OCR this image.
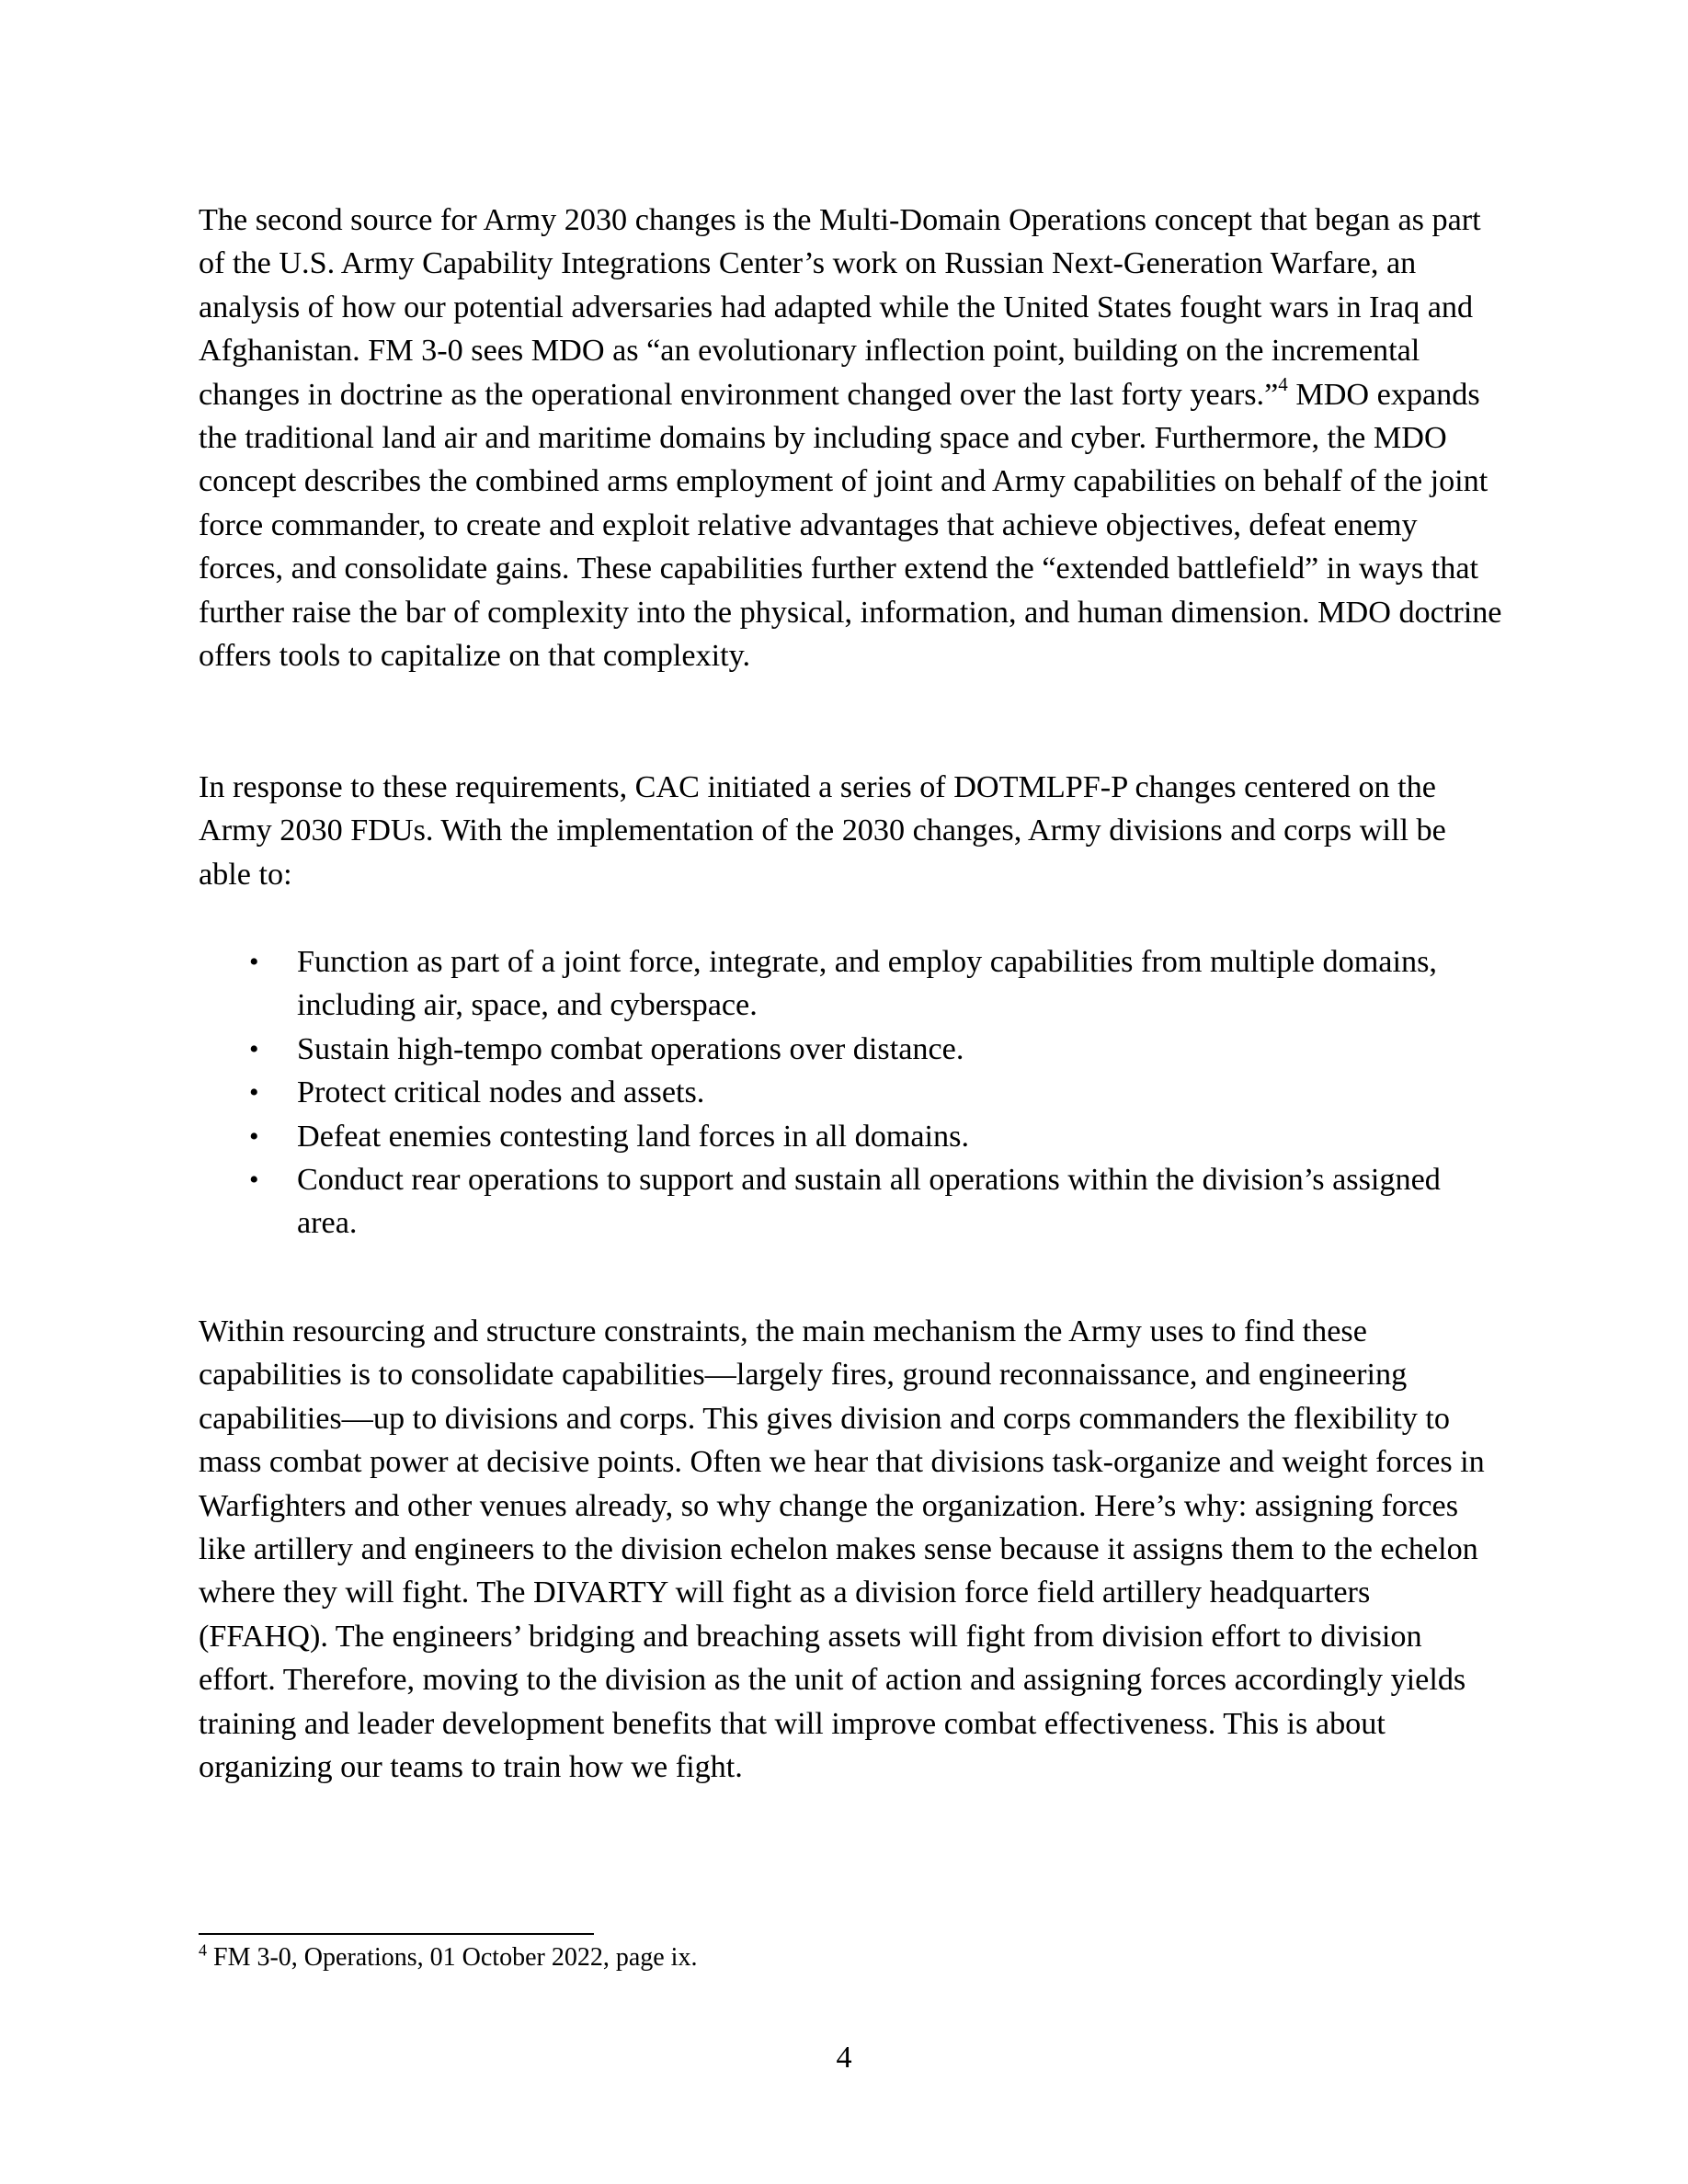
The second source for Army 2030 changes is the Multi-Domain Operations concept that began as part of the U.S. Army Capability Integrations Center’s work on Russian Next-Generation Warfare, an analysis of how our potential adversaries had adapted while the United States fought wars in Iraq and Afghanistan. FM 3-0 sees MDO as “an evolutionary inflection point, building on the incremental changes in doctrine as the operational environment changed over the last forty years.”$^4$ MDO expands the traditional land air and maritime domains by including space and cyber. Furthermore, the MDO concept describes the combined arms employment of joint and Army capabilities on behalf of the joint force commander, to create and exploit relative advantages that achieve objectives, defeat enemy forces, and consolidate gains. These capabilities further extend the “extended battlefield” in ways that further raise the bar of complexity into the physical, information, and human dimension. MDO doctrine offers tools to capitalize on that complexity.

In response to these requirements, CAC initiated a series of DOTMLPF-P changes centered on the Army 2030 FDUs. With the implementation of the 2030 changes, Army divisions and corps will be able to:

• Function as part of a joint force, integrate, and employ capabilities from multiple domains, including air, space, and cyberspace.
• Sustain high-tempo combat operations over distance.
• Protect critical nodes and assets.
• Defeat enemies contesting land forces in all domains.
• Conduct rear operations to support and sustain all operations within the division’s assigned area.

Within resourcing and structure constraints, the main mechanism the Army uses to find these capabilities is to consolidate capabilities—largely fires, ground reconnaissance, and engineering capabilities—up to divisions and corps. This gives division and corps commanders the flexibility to mass combat power at decisive points. Often we hear that divisions task-organize and weight forces in Warfighters and other venues already, so why change the organization. Here’s why: assigning forces like artillery and engineers to the division echelon makes sense because it assigns them to the echelon where they will fight. The DIVARTY will fight as a division force field artillery headquarters (FFAHQ). The engineers’ bridging and breaching assets will fight from division effort to division effort. Therefore, moving to the division as the unit of action and assigning forces accordingly yields training and leader development benefits that will improve combat effectiveness. This is about organizing our teams to train how we fight.

$^4$ FM 3-0, Operations, 01 October 2022, page ix.
4
